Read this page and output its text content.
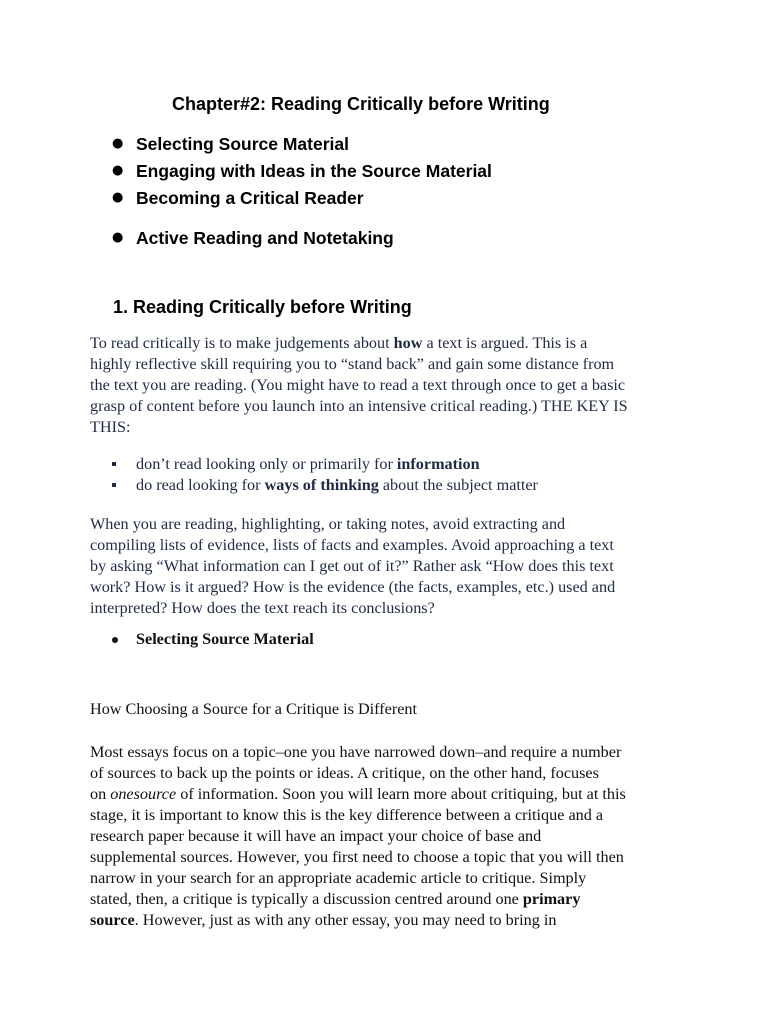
Chapter#2: Reading Critically before Writing
● Selecting Source Material
● Engaging with Ideas in the Source Material
● Becoming a Critical Reader
● Active Reading and Notetaking
1. Reading Critically before Writing

To read critically is to make judgements about how a text is argued. This is a
highly reflective skill requiring you to “stand back” and gain some distance from
the text you are reading. (You might have to read a text through once to get a basic
grasp of content before you launch into an intensive critical reading.) THE KEY IS
THIS:

don’t read looking only or primarily for information
do read looking for ways of thinking about the subject matter

When you are reading, highlighting, or taking notes, avoid extracting and
compiling lists of evidence, lists of facts and examples. Avoid approaching a text
by asking “What information can I get out of it?” Rather ask “How does this text
work? How is it argued? How is the evidence (the facts, examples, etc.) used and
interpreted? How does the text reach its conclusions?

Selecting Source Material

How Choosing a Source for a Critique is Different

Most essays focus on a topic–one you have narrowed down–and require a number
of sources to back up the points or ideas. A critique, on the other hand, focuses
on onesource of information. Soon you will learn more about critiquing, but at this
stage, it is important to know this is the key difference between a critique and a
research paper because it will have an impact your choice of base and
supplemental sources. However, you first need to choose a topic that you will then
narrow in your search for an appropriate academic article to critique. Simply
stated, then, a critique is typically a discussion centred around one primary
source. However, just as with any other essay, you may need to bring in
